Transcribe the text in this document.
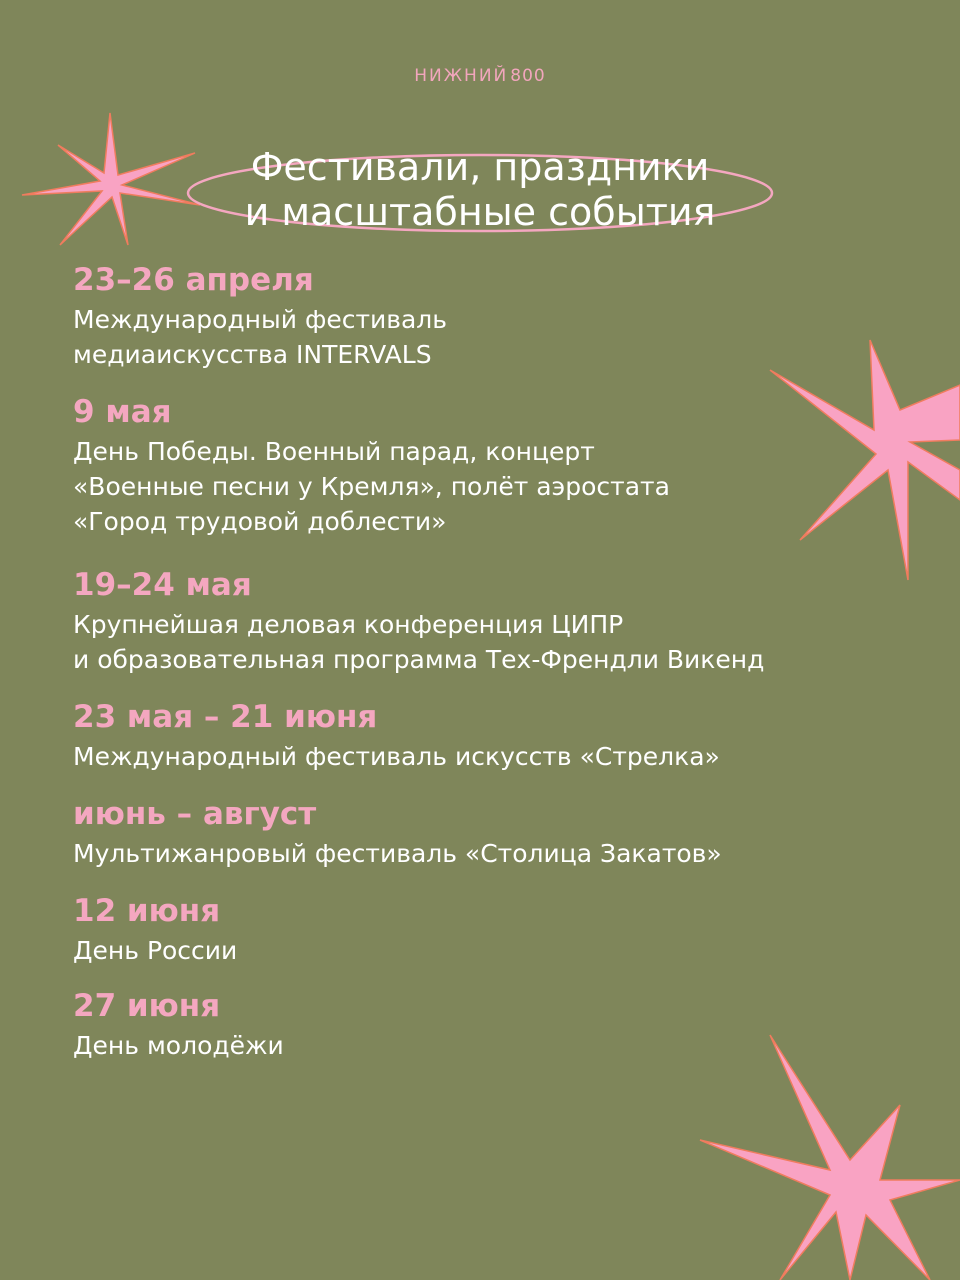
НИЖНИЙ 800
Фестивали, праздники
и масштабные события
23–26 апреля
Международный фестиваль
медиаискусства INTERVALS
9 мая
День Победы. Военный парад, концерт
«Военные песни у Кремля», полёт аэростата
«Город трудовой доблести»
19–24 мая
Крупнейшая деловая конференция ЦИПР
и образовательная программа Тех-Френдли Викенд
23 мая – 21 июня
Международный фестиваль искусств «Стрелка»
июнь – август
Мультижанровый фестиваль «Столица Закатов»
12 июня
День России
27 июня
День молодёжи
